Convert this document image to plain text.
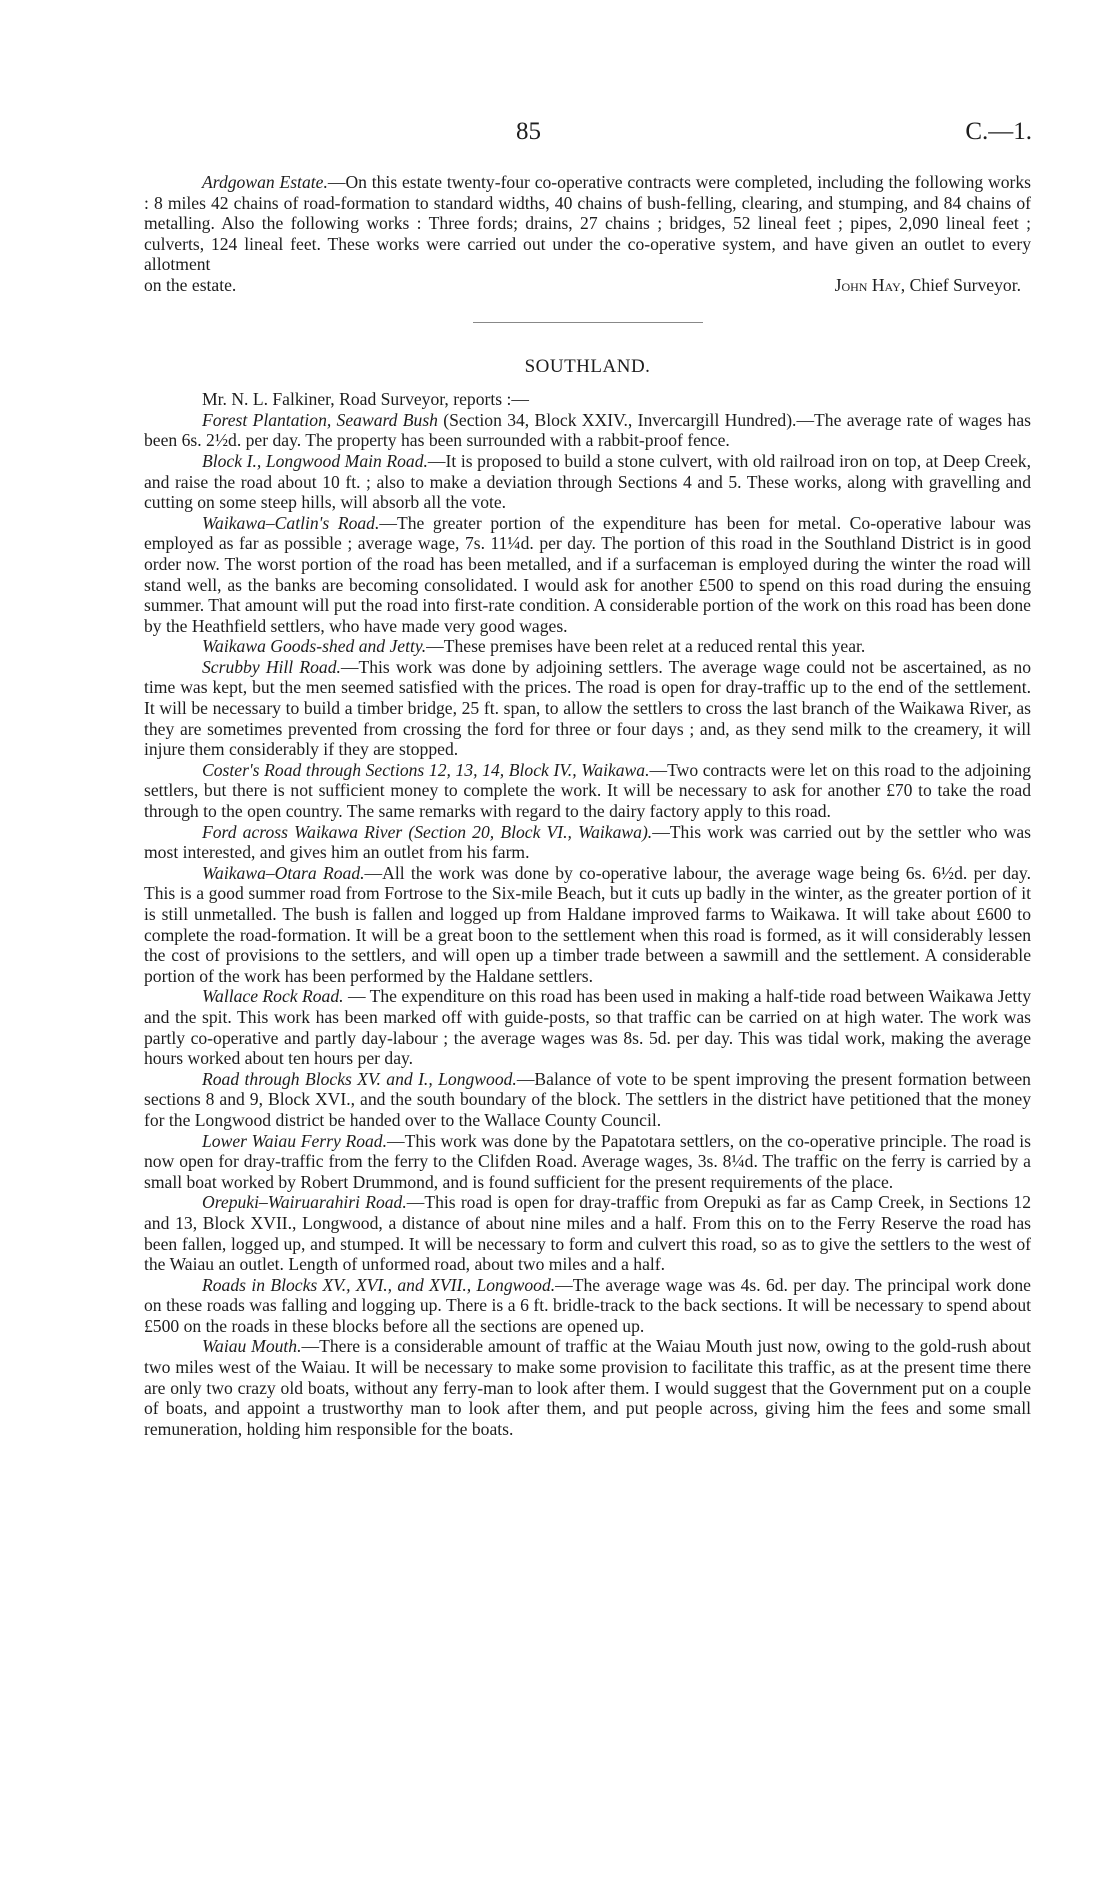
85	C.—1.

Ardgowan Estate.—On this estate twenty-four co-operative contracts were completed, including the following works : 8 miles 42 chains of road-formation to standard widths, 40 chains of bush-felling, clearing, and stumping, and 84 chains of metalling. Also the following works : Three fords; drains, 27 chains ; bridges, 52 lineal feet ; pipes, 2,090 lineal feet ; culverts, 124 lineal feet. These works were carried out under the co-operative system, and have given an outlet to every allotment

on the estate.	John Hay, Chief Surveyor.
SOUTHLAND.

Mr. N. L. Falkiner, Road Surveyor, reports :—

Forest Plantation, Seaward Bush (Section 34, Block XXIV., Invercargill Hundred).—The average rate of wages has been 6s. 2½d. per day. The property has been surrounded with a rabbit-proof fence.

Block I., Longwood Main Road.—It is proposed to build a stone culvert, with old railroad iron on top, at Deep Creek, and raise the road about 10 ft. ; also to make a deviation through Sections 4 and 5. These works, along with gravelling and cutting on some steep hills, will absorb all the vote.

Waikawa–Catlin's Road.—The greater portion of the expenditure has been for metal. Co-operative labour was employed as far as possible ; average wage, 7s. 11¼d. per day. The portion of this road in the Southland District is in good order now. The worst portion of the road has been metalled, and if a surfaceman is employed during the winter the road will stand well, as the banks are becoming consolidated. I would ask for another £500 to spend on this road during the ensuing summer. That amount will put the road into first-rate condition. A considerable portion of the work on this road has been done by the Heathfield settlers, who have made very good wages.

Waikawa Goods-shed and Jetty.—These premises have been relet at a reduced rental this year.

Scrubby Hill Road.—This work was done by adjoining settlers. The average wage could not be ascertained, as no time was kept, but the men seemed satisfied with the prices. The road is open for dray-traffic up to the end of the settlement. It will be necessary to build a timber bridge, 25 ft. span, to allow the settlers to cross the last branch of the Waikawa River, as they are sometimes prevented from crossing the ford for three or four days ; and, as they send milk to the creamery, it will injure them considerably if they are stopped.

Coster's Road through Sections 12, 13, 14, Block IV., Waikawa.—Two contracts were let on this road to the adjoining settlers, but there is not sufficient money to complete the work. It will be necessary to ask for another £70 to take the road through to the open country. The same remarks with regard to the dairy factory apply to this road.

Ford across Waikawa River (Section 20, Block VI., Waikawa).—This work was carried out by the settler who was most interested, and gives him an outlet from his farm.

Waikawa–Otara Road.—All the work was done by co-operative labour, the average wage being 6s. 6½d. per day. This is a good summer road from Fortrose to the Six-mile Beach, but it cuts up badly in the winter, as the greater portion of it is still unmetalled. The bush is fallen and logged up from Haldane improved farms to Waikawa. It will take about £600 to complete the road-formation. It will be a great boon to the settlement when this road is formed, as it will considerably lessen the cost of provisions to the settlers, and will open up a timber trade between a sawmill and the settlement. A considerable portion of the work has been performed by the Haldane settlers.

Wallace Rock Road. — The expenditure on this road has been used in making a half-tide road between Waikawa Jetty and the spit. This work has been marked off with guide-posts, so that traffic can be carried on at high water. The work was partly co-operative and partly day-labour ; the average wages was 8s. 5d. per day. This was tidal work, making the average hours worked about ten hours per day.

Road through Blocks XV. and I., Longwood.—Balance of vote to be spent improving the present formation between sections 8 and 9, Block XVI., and the south boundary of the block. The settlers in the district have petitioned that the money for the Longwood district be handed over to the Wallace County Council.

Lower Waiau Ferry Road.—This work was done by the Papatotara settlers, on the co-operative principle. The road is now open for dray-traffic from the ferry to the Clifden Road. Average wages, 3s. 8¼d. The traffic on the ferry is carried by a small boat worked by Robert Drummond, and is found sufficient for the present requirements of the place.

Orepuki–Wairuarahiri Road.—This road is open for dray-traffic from Orepuki as far as Camp Creek, in Sections 12 and 13, Block XVII., Longwood, a distance of about nine miles and a half. From this on to the Ferry Reserve the road has been fallen, logged up, and stumped. It will be necessary to form and culvert this road, so as to give the settlers to the west of the Waiau an outlet. Length of unformed road, about two miles and a half.

Roads in Blocks XV., XVI., and XVII., Longwood.—The average wage was 4s. 6d. per day. The principal work done on these roads was falling and logging up. There is a 6 ft. bridle-track to the back sections. It will be necessary to spend about £500 on the roads in these blocks before all the sections are opened up.

Waiau Mouth.—There is a considerable amount of traffic at the Waiau Mouth just now, owing to the gold-rush about two miles west of the Waiau. It will be necessary to make some provision to facilitate this traffic, as at the present time there are only two crazy old boats, without any ferry-man to look after them. I would suggest that the Government put on a couple of boats, and appoint a trustworthy man to look after them, and put people across, giving him the fees and some small remuneration, holding him responsible for the boats.
